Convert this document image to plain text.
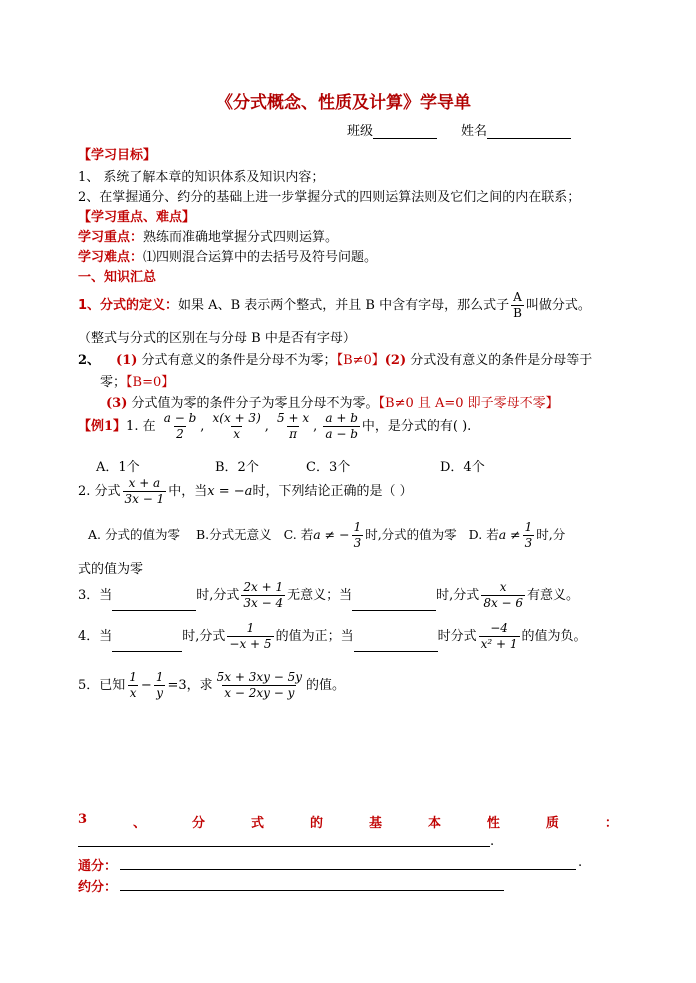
《分式概念、性质及计算》学导单
班级	姓名
【学习目标】
1、 系统了解本章的知识体系及知识内容；
2、在掌握通分、约分的基础上进一步掌握分式的四则运算法则及它们之间的内在联系；
【学习重点、难点】
学习重点：熟练而准确地掌握分式四则运算。
学习难点：⑴四则混合运算中的去括号及符号问题。
一、知识汇总
1、分式的定义：如果 A、B 表示两个整式，并且 B 中含有字母，那么式子 $\frac{A}{B}$ 叫做分式。
（整式与分式的区别在与分母 B 中是否有字母）
2、 (1) 分式有意义的条件是分母不为零；【B≠0】(2) 分式没有意义的条件是分母等于
零；【B=0】
(3) 分式值为零的条件分子为零且分母不为零。【B≠0 且 A=0 即子零母不零】
【例1】1. 在 $\frac{a - b}{2}$ , $\frac{x(x + 3)}{x}$ , $\frac{5 + x}{\pi}$ , $\frac{a + b}{a - b}$ 中，是分式的有( ).
A．1个	B．2个	C．3个	D．4个
2. 分式 $\frac{x + a}{3x - 1}$ 中，当x = −a时，下列结论正确的是（ ）
A. 分式的值为零 B.分式无意义 C. 若a ≠ − $\frac{1}{3}$ 时,分式的值为零 D. 若$a \ne \frac{1}{3}$ 时,分
式的值为零
3．当	时,分式 $\frac{2x + 1}{3x - 4}$ 无意义；当	时,分式 $\frac{x}{8x - 6}$ 有意义。
4．当	时,分式 $\frac{1}{-x + 5}$ 的值为正；当	时分式 $\frac{-4}{\text{x² + 1}}$ 的值为负。
5．已知 $\frac{1}{x} - \frac{1}{y} =3$，求 $\frac{5x + 3xy - 5y}{x - 2xy - y}$ 的值。
3	、	分	式	的	基	本	性	质	：
.
通分：	.
约分：
